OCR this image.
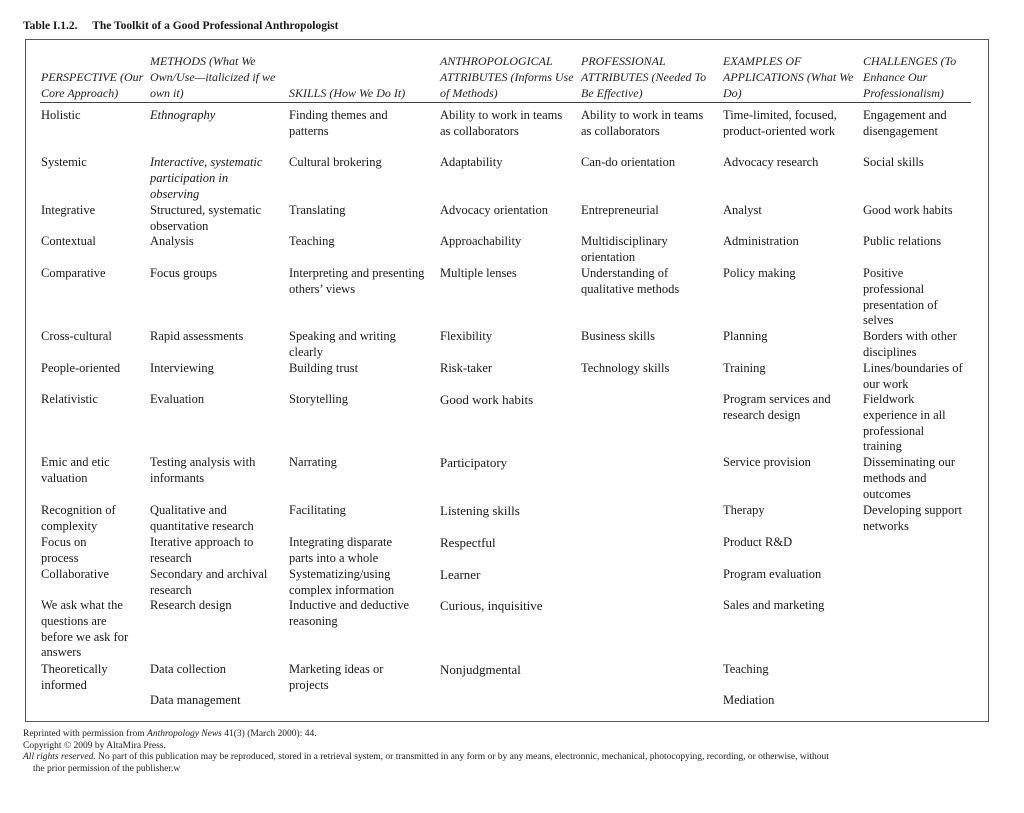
Table I.1.2. The Toolkit of a Good Professional Anthropologist
PERSPECTIVE (Our Core Approach)
METHODS (What We Own/Use—italicized if we own it)	SKILLS (How We Do It)
ANTHROPOLOGICAL ATTRIBUTES (Informs Use of Methods)
PROFESSIONAL ATTRIBUTES (Needed To Be Effective)
EXAMPLES OF APPLICATIONS (What We Do)
CHALLENGES (To Enhance Our Professionalism)
Holistic
Systemic
Integrative
Contextual
Comparative
Cross-cultural
People-oriented
Relativistic
Emic and etic valuation
Recognition of complexity
Focus on process
Collaborative
We ask what the questions are before we ask for answers
Theoretically informed
Ethnography
Interactive, systematic participation in observing
Structured, systematic observation
Analysis
Focus groups
Rapid assessments
Interviewing
Evaluation
Testing analysis with informants
Qualitative and quantitative research
Iterative approach to research
Secondary and archival research
Research design
Data collection
Data management
Finding themes and patterns
Cultural brokering
Translating
Teaching
Interpreting and presenting others’ views
Speaking and writing clearly
Building trust
Storytelling
Narrating
Facilitating
Integrating disparate parts into a whole
Systematizing/using complex information
Inductive and deductive reasoning
Marketing ideas or projects
Ability to work in teams as collaborators
Adaptability
Advocacy orientation
Approachability
Multiple lenses
Flexibility
Risk-taker
Good work habits
Participatory
Listening skills
Respectful
Learner
Curious, inquisitive
Nonjudgmental
Ability to work in teams as collaborators
Can-do orientation
Entrepreneurial
Multidisciplinary orientation
Understanding of qualitative methods
Business skills
Technology skills
Time-limited, focused, product-oriented work
Advocacy research
Analyst
Administration
Policy making
Planning
Training
Program services and research design
Service provision
Therapy
Product R&D
Program evaluation
Sales and marketing
Teaching
Mediation
Engagement and disengagement
Social skills
Good work habits
Public relations
Positive professional presentation of selves
Borders with other disciplines
Lines/boundaries of our work
Fieldwork experience in all professional training
Disseminating our methods and outcomes
Developing support networks
Reprinted with permission from Anthropology News 41(3) (March 2000): 44.
Copyright © 2009 by AltaMira Press.
All rights reserved. No part of this publication may be reproduced, stored in a retrieval system, or transmitted in any form or by any means, electronnic, mechanical, photocopying, recording, or otherwise, without
the prior permission of the publisher.w
